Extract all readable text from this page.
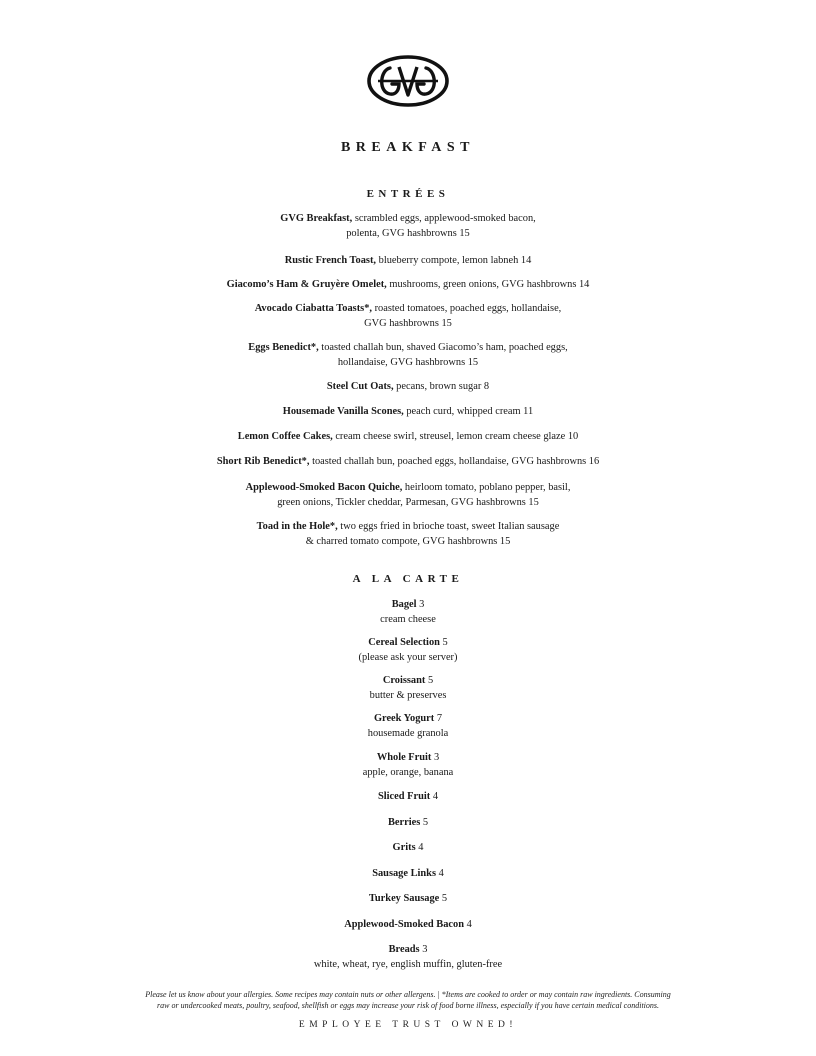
BREAKFAST
ENTRÉES
GVG Breakfast, scrambled eggs, applewood-smoked bacon,
polenta, GVG hashbrowns 15
Rustic French Toast, blueberry compote, lemon labneh 14
Giacomo’s Ham & Gruyère Omelet, mushrooms, green onions, GVG hashbrowns 14
Avocado Ciabatta Toasts*, roasted tomatoes, poached eggs, hollandaise,
GVG hashbrowns 15
Eggs Benedict*, toasted challah bun, shaved Giacomo’s ham, poached eggs,
hollandaise, GVG hashbrowns 15
Steel Cut Oats, pecans, brown sugar 8
Housemade Vanilla Scones, peach curd, whipped cream 11
Lemon Coffee Cakes, cream cheese swirl, streusel, lemon cream cheese glaze 10
Short Rib Benedict*, toasted challah bun, poached eggs, hollandaise, GVG hashbrowns 16
Applewood-Smoked Bacon Quiche, heirloom tomato, poblano pepper, basil,
green onions, Tickler cheddar, Parmesan, GVG hashbrowns 15
Toad in the Hole*, two eggs fried in brioche toast, sweet Italian sausage
& charred tomato compote, GVG hashbrowns 15
A LA CARTE
Bagel 3
cream cheese
Cereal Selection 5
(please ask your server)
Croissant 5
butter & preserves
Greek Yogurt 7
housemade granola
Whole Fruit 3
apple, orange, banana
Sliced Fruit 4
Berries 5
Grits 4
Sausage Links 4
Turkey Sausage 5
Applewood-Smoked Bacon 4
Breads 3
white, wheat, rye, english muffin, gluten-free
Please let us know about your allergies. Some recipes may contain nuts or other allergens. | *Items are cooked to order or may contain raw ingredients. Consuming
raw or undercooked meats, poultry, seafood, shellfish or eggs may increase your risk of food borne illness, especially if you have certain medical conditions.
EMPLOYEE TRUST OWNED!
